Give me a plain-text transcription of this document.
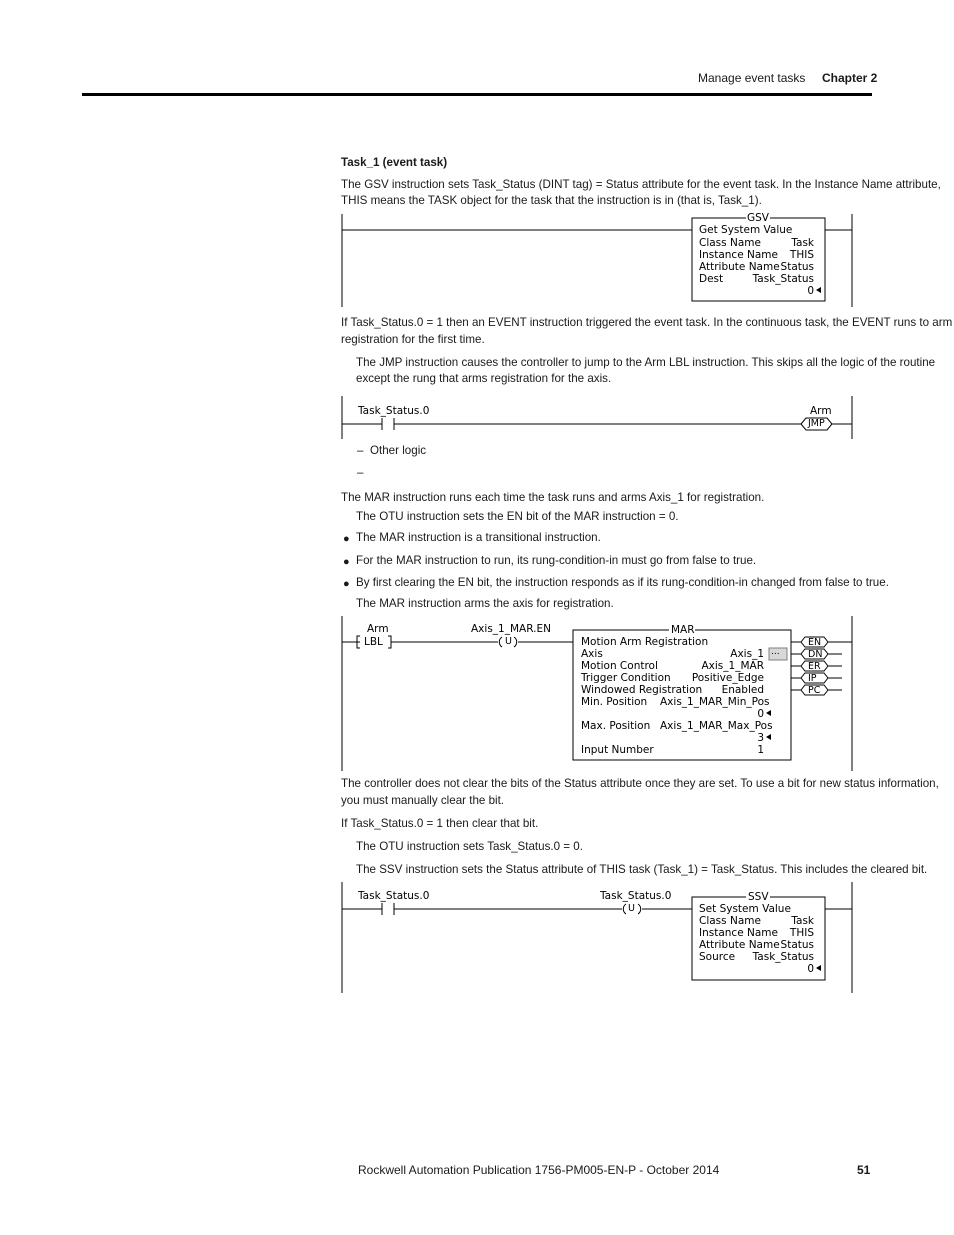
Manage event tasks Chapter 2
Task_1 (event task)
The GSV instruction sets Task_Status (DINT tag) = Status attribute for the event task. In the Instance Name attribute,
THIS means the TASK object for the task that the instruction is in (that is, Task_1).
GSV
Get System Value
Class Name	Task
Instance Name	THIS
Attribute Name Status
Dest	Task_Status
0
If Task_Status.0 = 1 then an EVENT instruction triggered the event task. In the continuous task, the EVENT runs to arm
registration for the first time.
The JMP instruction causes the controller to jump to the Arm LBL instruction. This skips all the logic of the routine
except the rung that arms registration for the axis.
Task_Status.0	Arm
JMP
– Other logic
–
The MAR instruction runs each time the task runs and arms Axis_1 for registration.
The OTU instruction sets the EN bit of the MAR instruction = 0.
● The MAR instruction is a transitional instruction.
● For the MAR instruction to run, its rung-condition-in must go from false to true.
● By first clearing the EN bit, the instruction responds as if its rung-condition-in changed from false to true.
The MAR instruction arms the axis for registration.
Arm
LBL
Axis_1_MAR.EN
U
MAR
Motion Arm Registration
Axis	Axis_1 ...
Motion Control	Axis_1_MAR
Trigger Condition	Positive_Edge
Windowed Registration	Enabled
Min. Position Axis_1_MAR_Min_Pos
0
Max. Position Axis_1_MAR_Max_Pos
3
Input Number	1
EN
DN
ER
IP
PC
The controller does not clear the bits of the Status attribute once they are set. To use a bit for new status information,
you must manually clear the bit.
If Task_Status.0 = 1 then clear that bit.
The OTU instruction sets Task_Status.0 = 0.
The SSV instruction sets the Status attribute of THIS task (Task_1) = Task_Status. This includes the cleared bit.
Task_Status.0	Task_Status.0
U
SSV
Set System Value
Class Name	Task
Instance Name	THIS
Attribute Name Status
Source	Task_Status
0
Rockwell Automation Publication 1756-PM005-EN-P - October 2014	51
